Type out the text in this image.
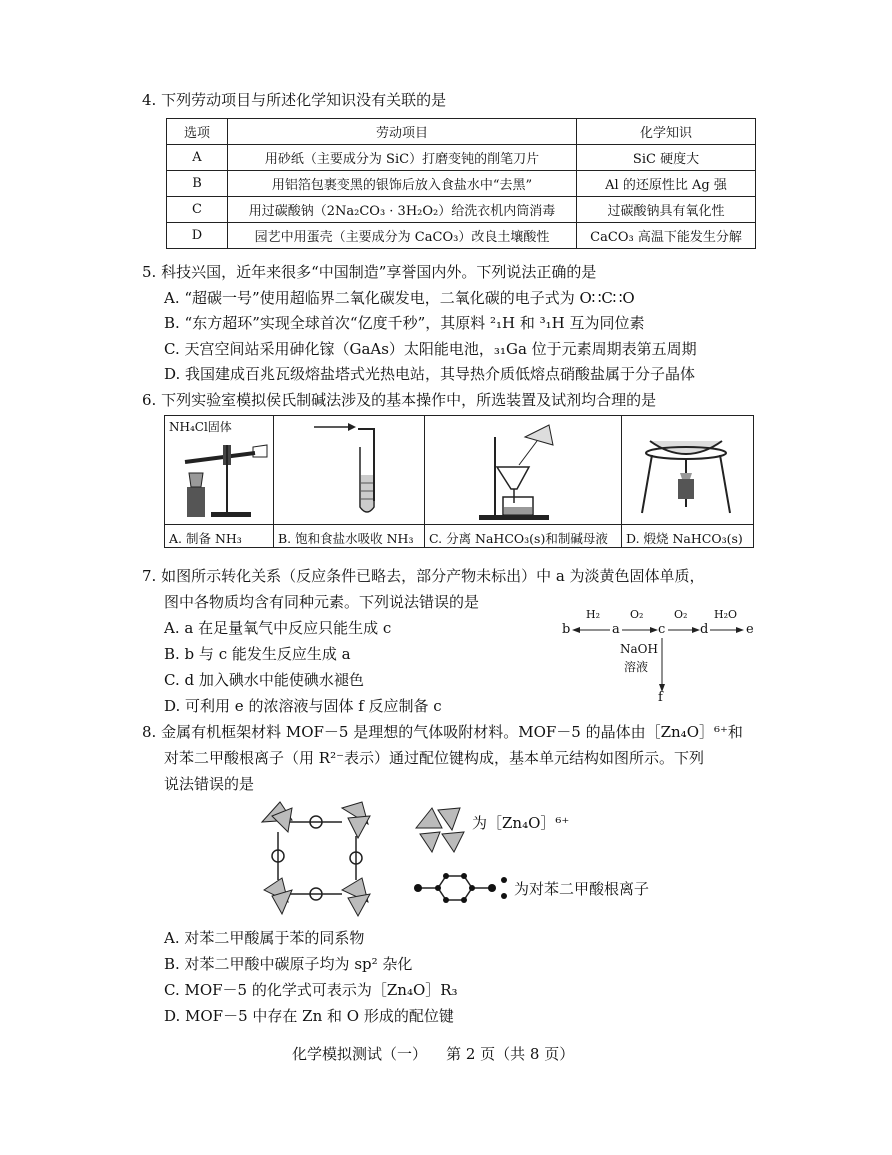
4. 下列劳动项目与所述化学知识没有关联的是
选项	劳动项目	化学知识
A	用砂纸（主要成分为 SiC）打磨变钝的削笔刀片	SiC 硬度大
B	用铝箔包裹变黑的银饰后放入食盐水中“去黑”	Al 的还原性比 Ag 强
C	用过碳酸钠（2Na₂CO₃ · 3H₂O₂）给洗衣机内筒消毒	过碳酸钠具有氧化性
D	园艺中用蛋壳（主要成分为 CaCO₃）改良土壤酸性	CaCO₃ 高温下能发生分解
5. 科技兴国，近年来很多“中国制造”享誉国内外。下列说法正确的是
A. “超碳一号”使用超临界二氧化碳发电，二氧化碳的电子式为 O∷C∷O
B. “东方超环”实现全球首次“亿度千秒”，其原料 ²₁H 和 ³₁H 互为同位素
C. 天宫空间站采用砷化镓（GaAs）太阳能电池，₃₁Ga 位于元素周期表第五周期
D. 我国建成百兆瓦级熔盐塔式光热电站，其导热介质低熔点硝酸盐属于分子晶体
6. 下列实验室模拟侯氏制碱法涉及的基本操作中，所选装置及试剂均合理的是
NH₄Cl固体

A. 制备 NH₃	B. 饱和食盐水吸收 NH₃	C. 分离 NaHCO₃(s)和制碱母液	D. 煅烧 NaHCO₃(s)
7. 如图所示转化关系（反应条件已略去，部分产物未标出）中 a 为淡黄色固体单质，
图中各物质均含有同种元素。下列说法错误的是
A. a 在足量氧气中反应只能生成 c
B. b 与 c 能发生反应生成 a
C. d 加入碘水中能使碘水褪色
D. 可利用 e 的浓溶液与固体 f 反应制备 c
b	a	c	d	e
f
H₂	O₂	O₂ H₂O
NaOH
溶液
8. 金属有机框架材料 MOF－5 是理想的气体吸附材料。MOF－5 的晶体由［Zn₄O］⁶⁺和
对苯二甲酸根离子（用 R²⁻表示）通过配位键构成，基本单元结构如图所示。下列
说法错误的是
为［Zn₄O］⁶⁺
为对苯二甲酸根离子
A. 对苯二甲酸属于苯的同系物
B. 对苯二甲酸中碳原子均为 sp² 杂化
C. MOF－5 的化学式可表示为［Zn₄O］R₃
D. MOF－5 中存在 Zn 和 O 形成的配位键
化学模拟测试（一）    第 2 页（共 8 页）
